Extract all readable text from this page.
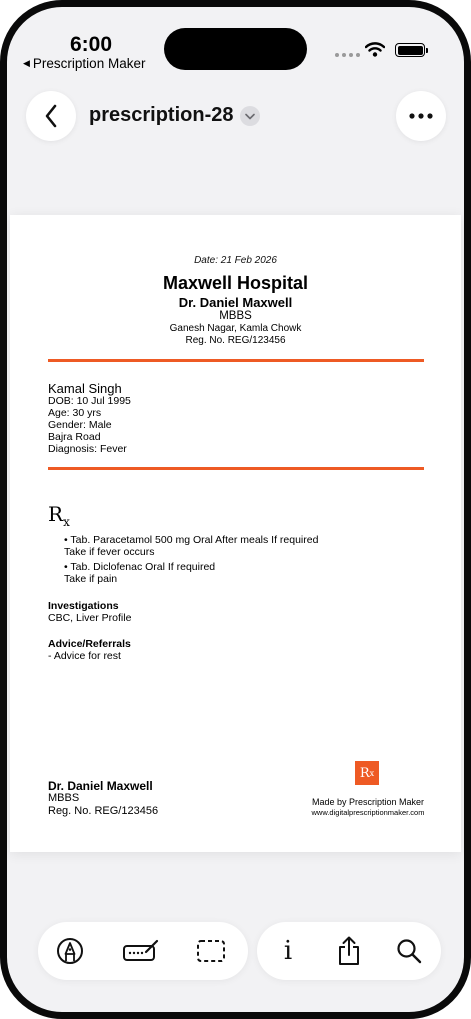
6:00
◀ Prescription Maker
prescription-28
Date: 21 Feb 2026
Maxwell Hospital
Dr. Daniel Maxwell
MBBS
Ganesh Nagar, Kamla Chowk
Reg. No. REG/123456
Kamal Singh
DOB: 10 Jul 1995
Age: 30 yrs
Gender: Male
Bajra Road
Diagnosis: Fever
$R_x$
• Tab. Paracetamol 500 mg Oral After meals If required
Take if fever occurs
• Tab. Diclofenac Oral If required
Take if pain
Investigations
CBC, Liver Profile
Advice/Referrals
- Advice for rest
Dr. Daniel Maxwell
MBBS
Reg. No. REG/123456
R x
Made by Prescription Maker
www.digitalprescriptionmaker.com
i
